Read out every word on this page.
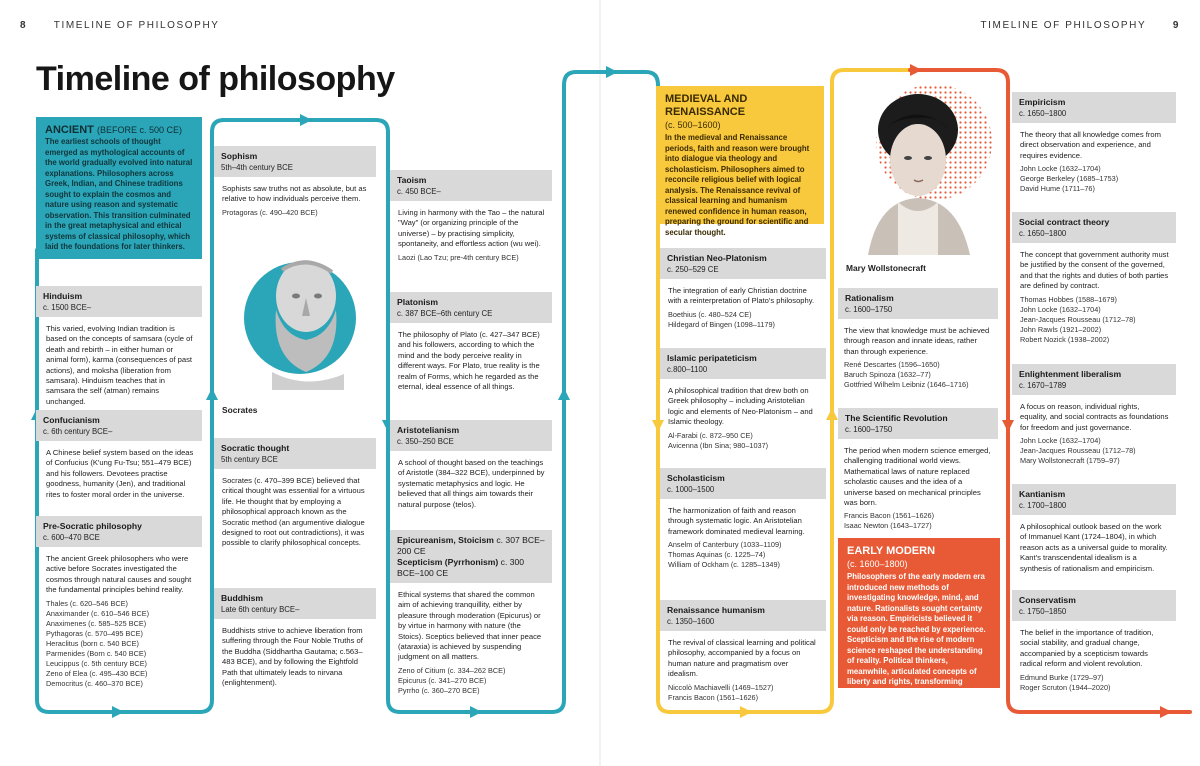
8	TIMELINE OF PHILOSOPHY	TIMELINE OF PHILOSOPHY	9
Timeline of philosophy
ANCIENT (BEFORE c. 500 CE)
The earliest schools of thought emerged as mythological accounts of the world gradually evolved into natural explanations. Philosophers across Greek, Indian, and Chinese traditions sought to explain the cosmos and nature using reason and systematic observation. This transition culminated in the great metaphysical and ethical systems of classical philosophy, which laid the foundations for later thinkers.
Hinduism
c. 1500 BCE–
This varied, evolving Indian tradition is based on the concepts of samsara (cycle of death and rebirth – in either human or animal form), karma (consequences of past actions), and moksha (liberation from samsara). Hinduism teaches that in samsara the self (atman) remains unchanged.
Confucianism
c. 6th century BCE–
A Chinese belief system based on the ideas of Confucius (K'ung Fu-Tsu; 551–479 BCE) and his followers. Devotees practise goodness, humanity (Jen), and traditional rites to foster moral order in the universe.
Pre-Socratic philosophy
c. 600–470 BCE
The ancient Greek philosophers who were active before Socrates investigated the cosmos through natural causes and sought the fundamental principles behind reality.
Thales (c. 620–546 BCE)
Anaximander (c. 610–546 BCE)
Anaximenes (c. 585–525 BCE)
Pythagoras (c. 570–495 BCE)
Heraclitus (born c. 540 BCE)
Parmenides (Born c. 540 BCE)
Leucippus (c. 5th century BCE)
Zeno of Elea (c. 495–430 BCE)
Democritus (c. 460–370 BCE)
Sophism
5th–4th century BCE
Sophists saw truths not as absolute, but as relative to how individuals perceive them.
Protagoras (c. 490–420 BCE)
Socrates
Socratic thought
5th century BCE
Socrates (c. 470–399 BCE) believed that critical thought was essential for a virtuous life. He thought that by employing a philosophical approach known as the Socratic method (an argumentive dialogue designed to root out contradictions), it was possible to clarify philosophical concepts.
Buddhism
Late 6th century BCE–
Buddhists strive to achieve liberation from suffering through the Four Noble Truths of the Buddha (Siddhartha Gautama; c.563–483 BCE), and by following the Eightfold Path that ultimately leads to nirvana (enlightenment).
Taoism
c. 450 BCE–
Living in harmony with the Tao – the natural "Way" (or organizing principle of the universe) – by practising simplicity, spontaneity, and effortless action (wu wei).
Laozi (Lao Tzu; pre-4th century BCE)
Platonism
c. 387 BCE–6th century CE
The philosophy of Plato (c. 427–347 BCE) and his followers, according to which the mind and the body perceive reality in different ways. For Plato, true reality is the realm of Forms, which he regarded as the eternal, ideal essence of all things.
Aristotelianism
c. 350–250 BCE
A school of thought based on the teachings of Aristotle (384–322 BCE), underpinned by systematic metaphysics and logic. He believed that all things aim towards their natural purpose (telos).
Epicureanism, Stoicism c. 307 BCE–200 CE
Scepticism (Pyrrhonism) c. 300 BCE–100 CE
Ethical systems that shared the common aim of achieving tranquillity, either by pleasure through moderation (Epicurus) or by virtue in harmony with nature (the Stoics). Sceptics believed that inner peace (ataraxia) is achieved by suspending judgment on all matters.
Zeno of Citium (c. 334–262 BCE)
Epicurus (c. 341–270 BCE)
Pyrrho (c. 360–270 BCE)
MEDIEVAL AND RENAISSANCE
(c. 500–1600)
In the medieval and Renaissance periods, faith and reason were brought into dialogue via theology and scholasticism. Philosophers aimed to reconcile religious belief with logical analysis. The Renaissance revival of classical learning and humanism renewed confidence in human reason, preparing the ground for scientific and secular thought.
Christian Neo-Platonism
c. 250–529 CE
The integration of early Christian doctrine with a reinterpretation of Plato's philosophy.
Boethius (c. 480–524 CE)
Hildegard of Bingen (1098–1179)
Islamic peripateticism
c.800–1100
A philosophical tradition that drew both on Greek philosophy – including Aristotelian logic and elements of Neo-Platonism – and Islamic theology.
Al-Farabi (c. 872–950 CE)
Avicenna (Ibn Sina; 980–1037)
Scholasticism
c. 1000–1500
The harmonization of faith and reason through systematic logic. An Aristotelian framework dominated medieval learning.
Anselm of Canterbury (1033–1109)
Thomas Aquinas (c. 1225–74)
William of Ockham (c. 1285–1349)
Renaissance humanism
c. 1350–1600
The revival of classical learning and political philosophy, accompanied by a focus on human nature and pragmatism over idealism.
Niccolò Machiavelli (1469–1527)
Francis Bacon (1561–1626)
Mary Wollstonecraft
Rationalism
c. 1600–1750
The view that knowledge must be achieved through reason and innate ideas, rather than through experience.
René Descartes (1596–1650)
Baruch Spinoza (1632–77)
Gottfried Wilhelm Leibniz (1646–1716)
The Scientific Revolution
c. 1600–1750
The period when modern science emerged, challenging traditional world views. Mathematical laws of nature replaced scholastic causes and the idea of a universe based on mechanical principles was born.
Francis Bacon (1561–1626)
Isaac Newton (1643–1727)
EARLY MODERN
(c. 1600–1800)
Philosophers of the early modern era introduced new methods of investigating knowledge, mind, and nature. Rationalists sought certainty via reason. Empiricists believed it could only be reached by experience. Scepticism and the rise of modern science reshaped the understanding of reality. Political thinkers, meanwhile, articulated concepts of liberty and rights, transforming philosophy and society overall.
Empiricism
c. 1650–1800
The theory that all knowledge comes from direct observation and experience, and requires evidence.
John Locke (1632–1704)
George Berkeley (1685–1753)
David Hume (1711–76)
Social contract theory
c. 1650–1800
The concept that government authority must be justified by the consent of the governed, and that the rights and duties of both parties are defined by contract.
Thomas Hobbes (1588–1679)
John Locke (1632–1704)
Jean-Jacques Rousseau (1712–78)
John Rawls (1921–2002)
Robert Nozick (1938–2002)
Enlightenment liberalism
c. 1670–1789
A focus on reason, individual rights, equality, and social contracts as foundations for freedom and just governance.
John Locke (1632–1704)
Jean-Jacques Rousseau (1712–78)
Mary Wollstonecraft (1759–97)
Kantianism
c. 1700–1800
A philosophical outlook based on the work of Immanuel Kant (1724–1804), in which reason acts as a universal guide to morality. Kant's transcendental idealism is a synthesis of rationalism and empiricism.
Conservatism
c. 1750–1850
The belief in the importance of tradition, social stability, and gradual change, accompanied by a scepticism towards radical reform and violent revolution.
Edmund Burke (1729–97)
Roger Scruton (1944–2020)
